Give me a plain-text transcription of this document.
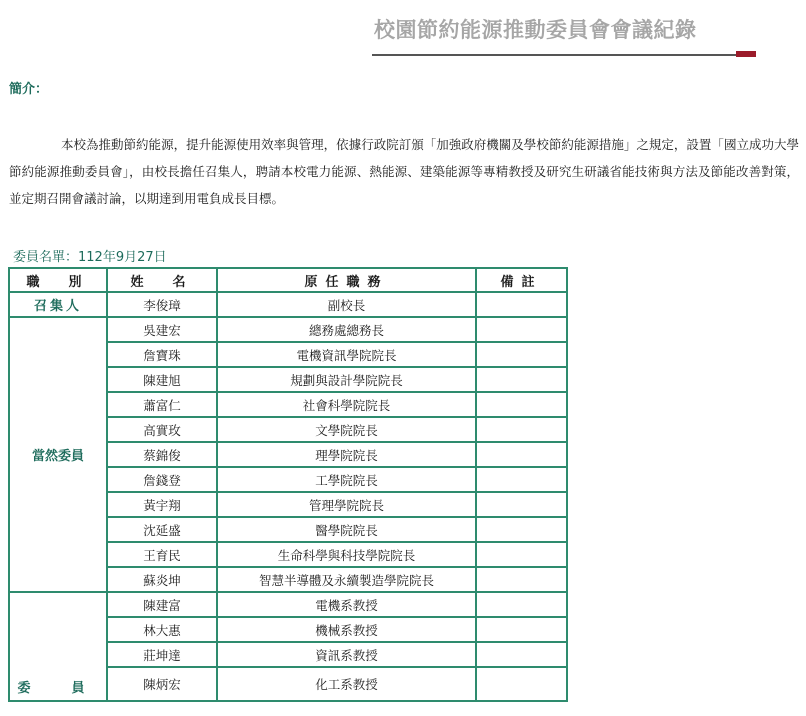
校園節約能源推動委員會會議紀錄
簡介：
本校為推動節約能源，提升能源使用效率與管理，依據行政院訂頒「加強政府機關及學校節約能源措施」之規定，設置「國立成功大學節約能源推動委員會」，由校長擔任召集人，聘請本校電力能源、熱能源、建築能源等專精教授及研究生研議省能技術與方法及節能改善對策，並定期召開會議討論，以期達到用電負成長目標。
委員名單：112年9月27日
職　別	姓　名	原任職務	備註
召集人	李俊璋	副校長	
當然委員	吳建宏	總務處總務長	
	詹寶珠	電機資訊學院院長	
	陳建旭	規劃與設計學院院長	
	蕭富仁	社會科學院院長	
	高實玫	文學院院長	
	蔡錦俊	理學院院長	
	詹錢登	工學院院長	
	黃宇翔	管理學院院長	
	沈延盛	醫學院院長	
	王育民	生命科學與科技學院院長	
	蘇炎坤	智慧半導體及永續製造學院院長	
委　員	陳建富	電機系教授	
	林大惠	機械系教授	
	莊坤達	資訊系教授	
	陳炳宏	化工系教授	
